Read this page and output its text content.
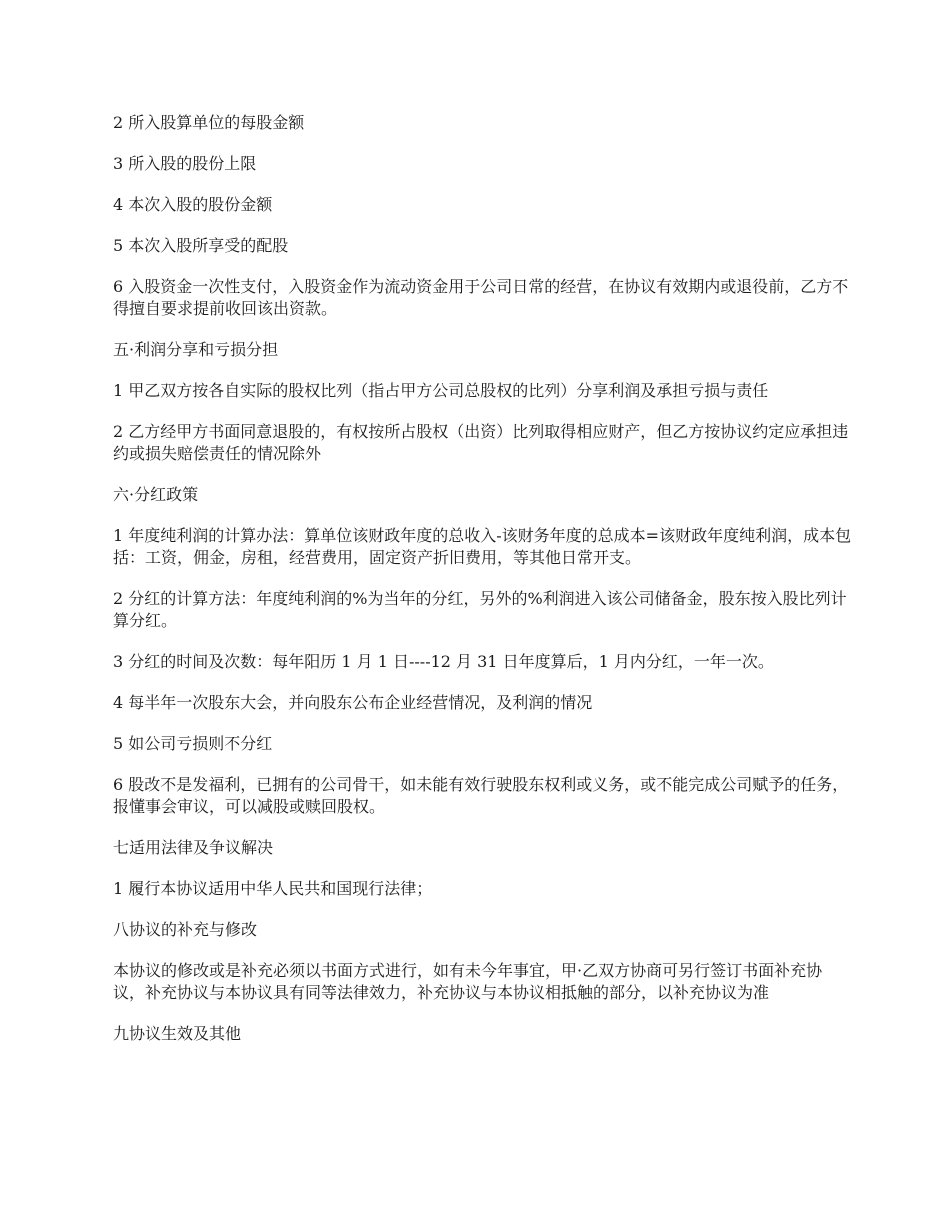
2 所入股算单位的每股金额

3 所入股的股份上限

4 本次入股的股份金额

5 本次入股所享受的配股

6 入股资金一次性支付，入股资金作为流动资金用于公司日常的经营，在协议有效期内或退役前，乙方不得擅自要求提前收回该出资款。

五·利润分享和亏损分担

1 甲乙双方按各自实际的股权比列（指占甲方公司总股权的比列）分享利润及承担亏损与责任

2 乙方经甲方书面同意退股的，有权按所占股权（出资）比列取得相应财产，但乙方按协议约定应承担违约或损失赔偿责任的情况除外

六·分红政策

1 年度纯利润的计算办法：算单位该财政年度的总收入-该财务年度的总成本=该财政年度纯利润，成本包括：工资，佣金，房租，经营费用，固定资产折旧费用，等其他日常开支。

2 分红的计算方法：年度纯利润的%为当年的分红，另外的%利润进入该公司储备金，股东按入股比列计算分红。

3 分红的时间及次数：每年阳历 1 月 1 日----12 月 31 日年度算后，1 月内分红，一年一次。

4 每半年一次股东大会，并向股东公布企业经营情况，及利润的情况

5 如公司亏损则不分红

6 股改不是发福利，已拥有的公司骨干，如未能有效行驶股东权利或义务，或不能完成公司赋予的任务，报懂事会审议，可以减股或赎回股权。

七适用法律及争议解决

1 履行本协议适用中华人民共和国现行法律；

八协议的补充与修改

本协议的修改或是补充必须以书面方式进行，如有未今年事宜，甲·乙双方协商可另行签订书面补充协议，补充协议与本协议具有同等法律效力，补充协议与本协议相抵触的部分，以补充协议为准

九协议生效及其他
